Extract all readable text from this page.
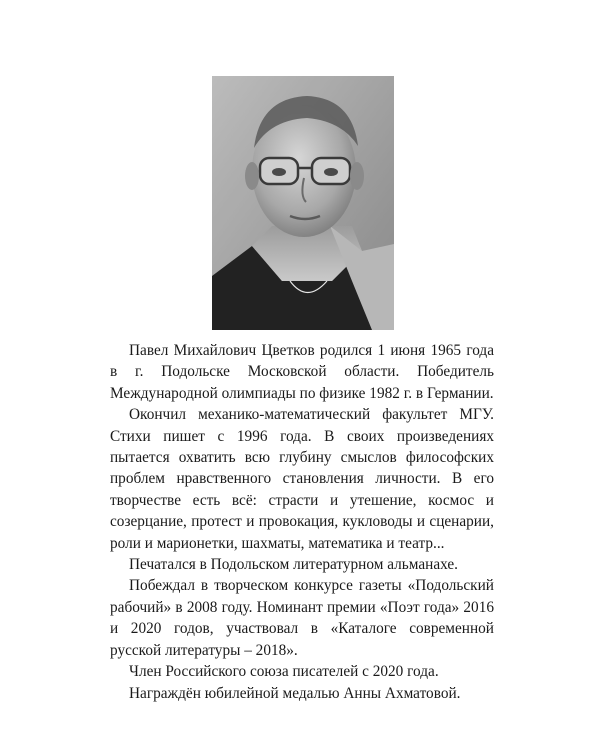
Павел Михайлович Цветков родился 1 июня 1965 года в г. Подольске Московской области. Победитель Международной олимпиады по физике 1982 г. в Германии.

Окончил механико-математический факультет МГУ. Стихи пишет с 1996 года. В своих произведениях пытается охватить всю глубину смыслов философских проблем нравственного становления личности. В его творчестве есть всё: страсти и утешение, космос и созерцание, протест и провокация, кукловоды и сценарии, роли и марионетки, шахматы, математика и театр...

Печатался в Подольском литературном альманахе.

Побеждал в творческом конкурсе газеты «Подольский рабочий» в 2008 году. Номинант премии «Поэт года» 2016 и 2020 годов, участвовал в «Каталоге современной русской литературы – 2018».

Член Российского союза писателей с 2020 года.

Награждён юбилейной медалью Анны Ахматовой.
